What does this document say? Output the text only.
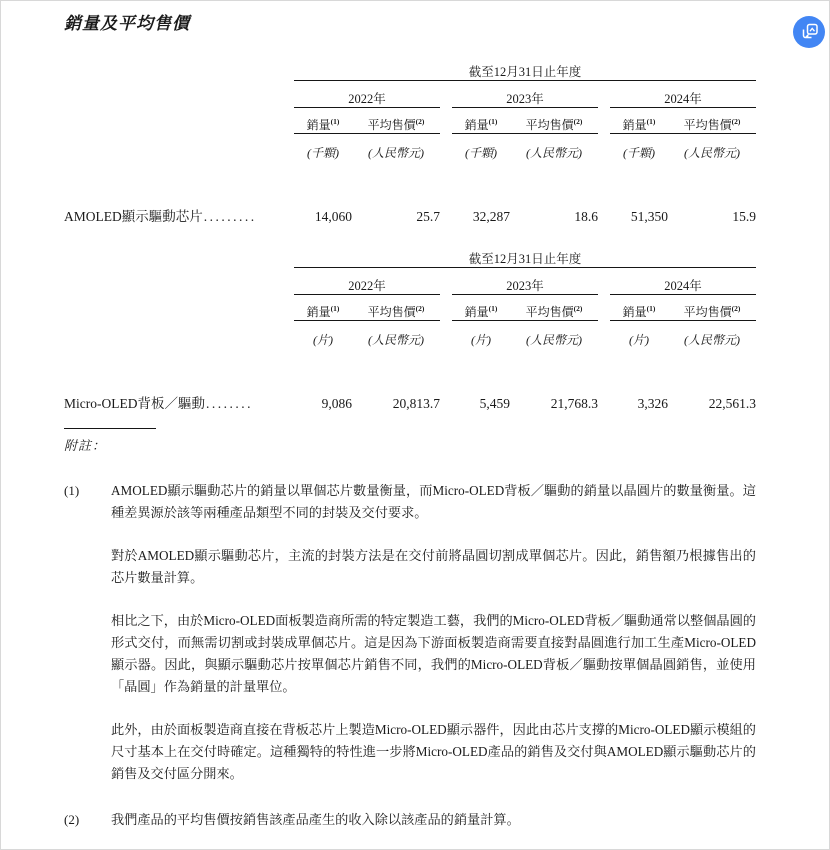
銷量及平均售價
	截至12月31日止年度							
	2022年			2023年			2024年	
	銷量$^{(1)}$	平均售價$^{(2)}$		銷量$^{(1)}$	平均售價$^{(2)}$		銷量$^{(1)}$	平均售價$^{(2)}$
	(千顆)	(人民幣元)		(千顆)	(人民幣元)		(千顆)	(人民幣元)

AMOLED顯示驅動芯片.........	14,060	25.7		32,287	18.6		51,350	15.9
	截至12月31日止年度							
	2022年			2023年			2024年	
	銷量$^{(1)}$	平均售價$^{(2)}$		銷量$^{(1)}$	平均售價$^{(2)}$		銷量$^{(1)}$	平均售價$^{(2)}$
	(片)	(人民幣元)		(片)	(人民幣元)		(片)	(人民幣元)

Micro-OLED背板／驅動........	9,086	20,813.7		5,459	21,768.3		3,326	22,561.3
附註：
(1)	AMOLED顯示驅動芯片的銷量以單個芯片數量衡量，而Micro-OLED背板／驅動的銷量以晶圓片的數量衡量。這種差異源於該等兩種產品類型不同的封裝及交付要求。

對於AMOLED顯示驅動芯片，主流的封裝方法是在交付前將晶圓切割成單個芯片。因此，銷售額乃根據售出的芯片數量計算。

相比之下，由於Micro-OLED面板製造商所需的特定製造工藝，我們的Micro-OLED背板／驅動通常以整個晶圓的形式交付，而無需切割或封裝成單個芯片。這是因為下游面板製造商需要直接對晶圓進行加工生產Micro-OLED顯示器。因此，與顯示驅動芯片按單個芯片銷售不同，我們的Micro-OLED背板／驅動按單個晶圓銷售，並使用「晶圓」作為銷量的計量單位。

此外，由於面板製造商直接在背板芯片上製造Micro-OLED顯示器件，因此由芯片支撐的Micro-OLED顯示模組的尺寸基本上在交付時確定。這種獨特的特性進一步將Micro-OLED產品的銷售及交付與AMOLED顯示驅動芯片的銷售及交付區分開來。

(2)	我們產品的平均售價按銷售該產品產生的收入除以該產品的銷量計算。
